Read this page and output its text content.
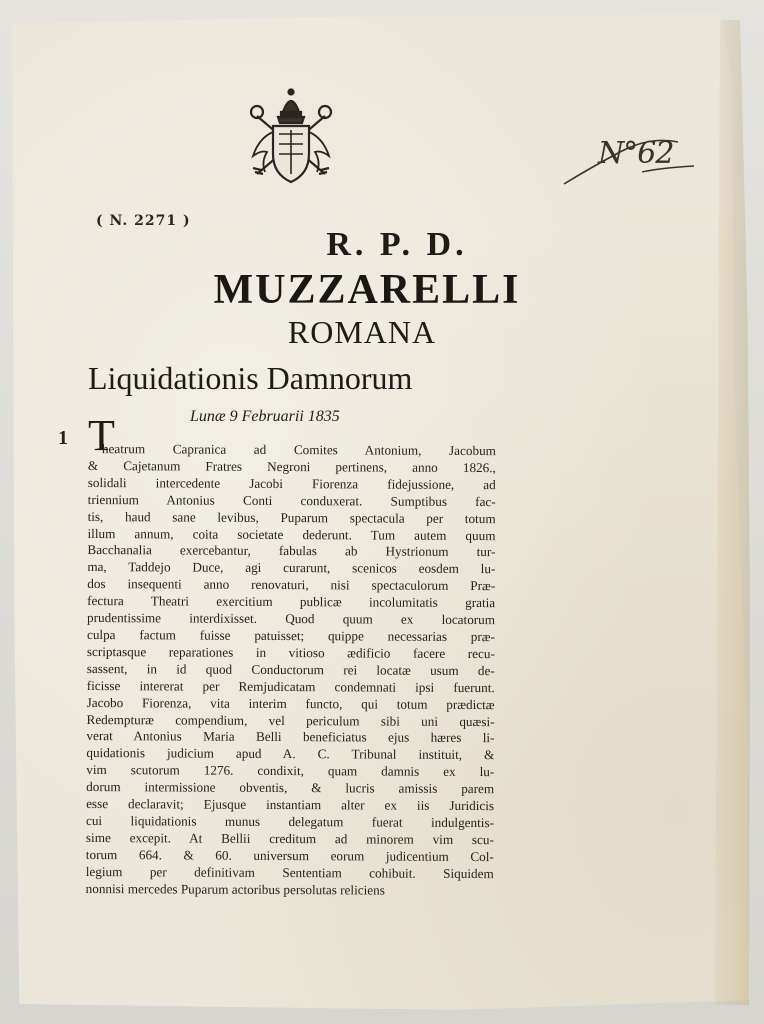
N°62
( N. 2271 )
R. P. D.
MUZZARELLI
ROMANA
Liquidationis Damnorum
Lunæ 9 Februarii 1835
1 T
heatrum Capranica ad Comites Antonium, Jacobum
& Cajetanum Fratres Negroni pertinens, anno 1826.,
solidali intercedente Jacobi Fiorenza fidejussione, ad
triennium Antonius Conti conduxerat. Sumptibus fac-
tis, haud sane levibus, Puparum spectacula per totum
illum annum, coita societate dederunt. Tum autem quum
Bacchanalia exercebantur, fabulas ab Hystrionum tur-
ma, Taddejo Duce, agi curarunt, scenicos eosdem lu-
dos insequenti anno renovaturi, nisi spectaculorum Præ-
fectura Theatri exercitium publicæ incolumitatis gratia
prudentissime interdixisset. Quod quum ex locatorum
culpa factum fuisse patuisset; quippe necessarias præ-
scriptasque reparationes in vitioso ædificio facere recu-
sassent, in id quod Conductorum rei locatæ usum de-
ficisse intererat per Remjudicatam condemnati ipsi fuerunt.
Jacobo Fiorenza, vita interim functo, qui totum prædictæ
Redempturæ compendium, vel periculum sibi uni quæsi-
verat Antonius Maria Belli beneficiatus ejus hæres li-
quidationis judicium apud A. C. Tribunal instituit, &
vim scutorum 1276. condixit, quam damnis ex lu-
dorum intermissione obventis, & lucris amissis parem
esse declaravit; Ejusque instantiam alter ex iis Juridicis
cui liquidationis munus delegatum fuerat indulgentis-
sime excepit. At Bellii creditum ad minorem vim scu-
torum 664. & 60. universum eorum judicentium Col-
legium per definitivam Sententiam cohibuit. Siquidem
nonnisi mercedes Puparum actoribus persolutas reliciens
